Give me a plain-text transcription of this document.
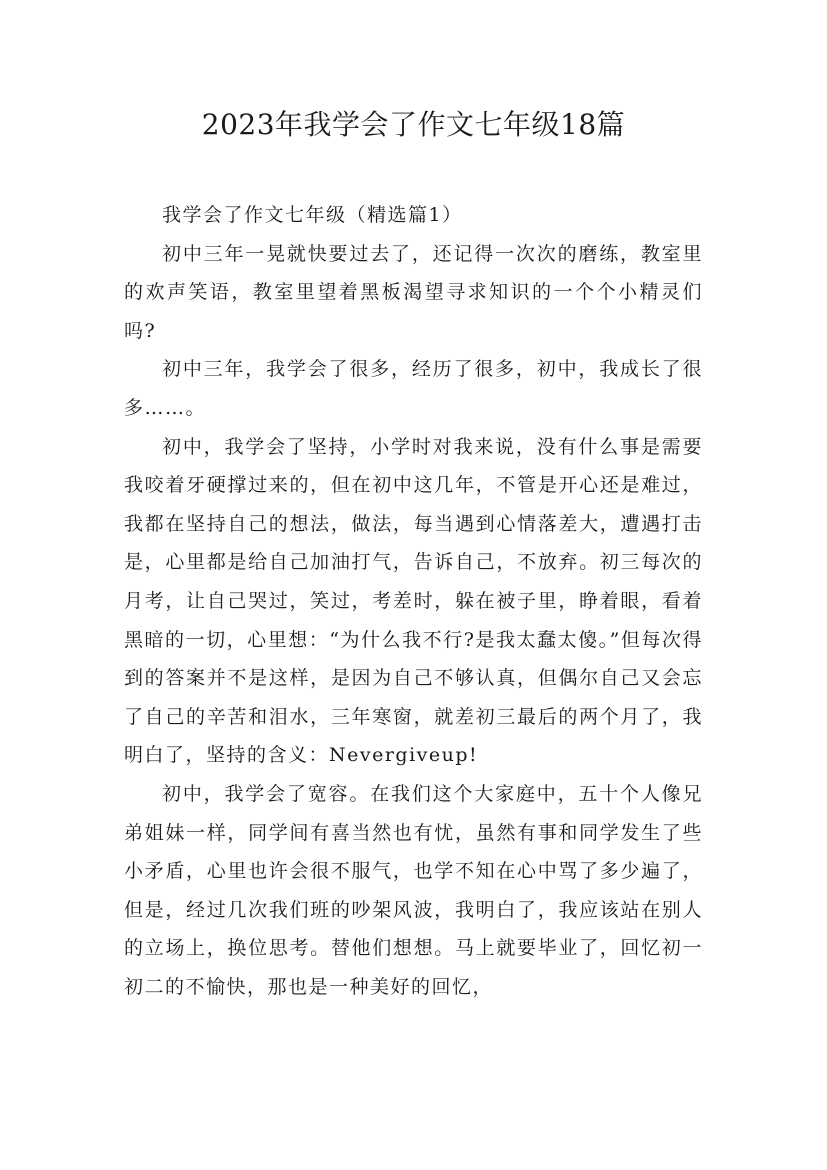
2023年我学会了作文七年级18篇

我学会了作文七年级（精选篇1）

初中三年一晃就快要过去了，还记得一次次的磨练，教室里的欢声笑语，教室里望着黑板渴望寻求知识的一个个小精灵们吗?

初中三年，我学会了很多，经历了很多，初中，我成长了很多……。

初中，我学会了坚持，小学时对我来说，没有什么事是需要我咬着牙硬撑过来的，但在初中这几年，不管是开心还是难过，我都在坚持自己的想法，做法，每当遇到心情落差大，遭遇打击是，心里都是给自己加油打气，告诉自己，不放弃。初三每次的月考，让自己哭过，笑过，考差时，躲在被子里，睁着眼，看着黑暗的一切，心里想：“为什么我不行?是我太蠢太傻。”但每次得到的答案并不是这样，是因为自己不够认真，但偶尔自己又会忘了自己的辛苦和泪水，三年寒窗，就差初三最后的两个月了，我明白了，坚持的含义：Nevergiveup!

初中，我学会了宽容。在我们这个大家庭中，五十个人像兄弟姐妹一样，同学间有喜当然也有忧，虽然有事和同学发生了些小矛盾，心里也许会很不服气，也学不知在心中骂了多少遍了，但是，经过几次我们班的吵架风波，我明白了，我应该站在别人的立场上，换位思考。替他们想想。马上就要毕业了，回忆初一初二的不愉快，那也是一种美好的回忆，
